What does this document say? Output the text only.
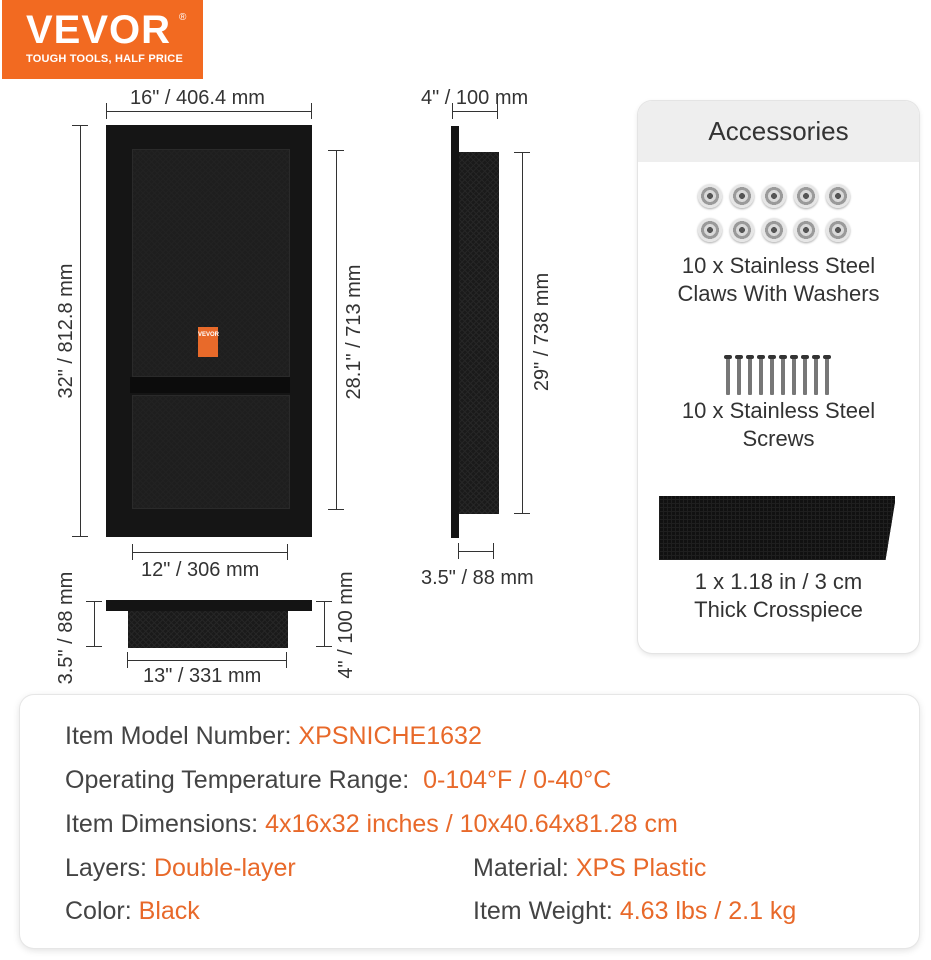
VEVOR ®
TOUGH TOOLS, HALF PRICE
16" / 406.4 mm
32" / 812.8 mm	VEVOR	28.1" / 713 mm
12" / 306 mm
4" / 100 mm
29" / 738 mm
3.5" / 88 mm
3.5" / 88 mm	13" / 331 mm	4" / 100 mm
Accessories
10 x Stainless Steel
Claws With Washers
10 x Stainless Steel
Screws
1 x 1.18 in / 3 cm
Thick Crosspiece
Item Model Number: XPSNICHE1632
Operating Temperature Range: 0-104°F / 0-40°C
Item Dimensions: 4x16x32 inches / 10x40.64x81.28 cm
Layers: Double-layer	Material: XPS Plastic
Color: Black	Item Weight: 4.63 lbs / 2.1 kg
